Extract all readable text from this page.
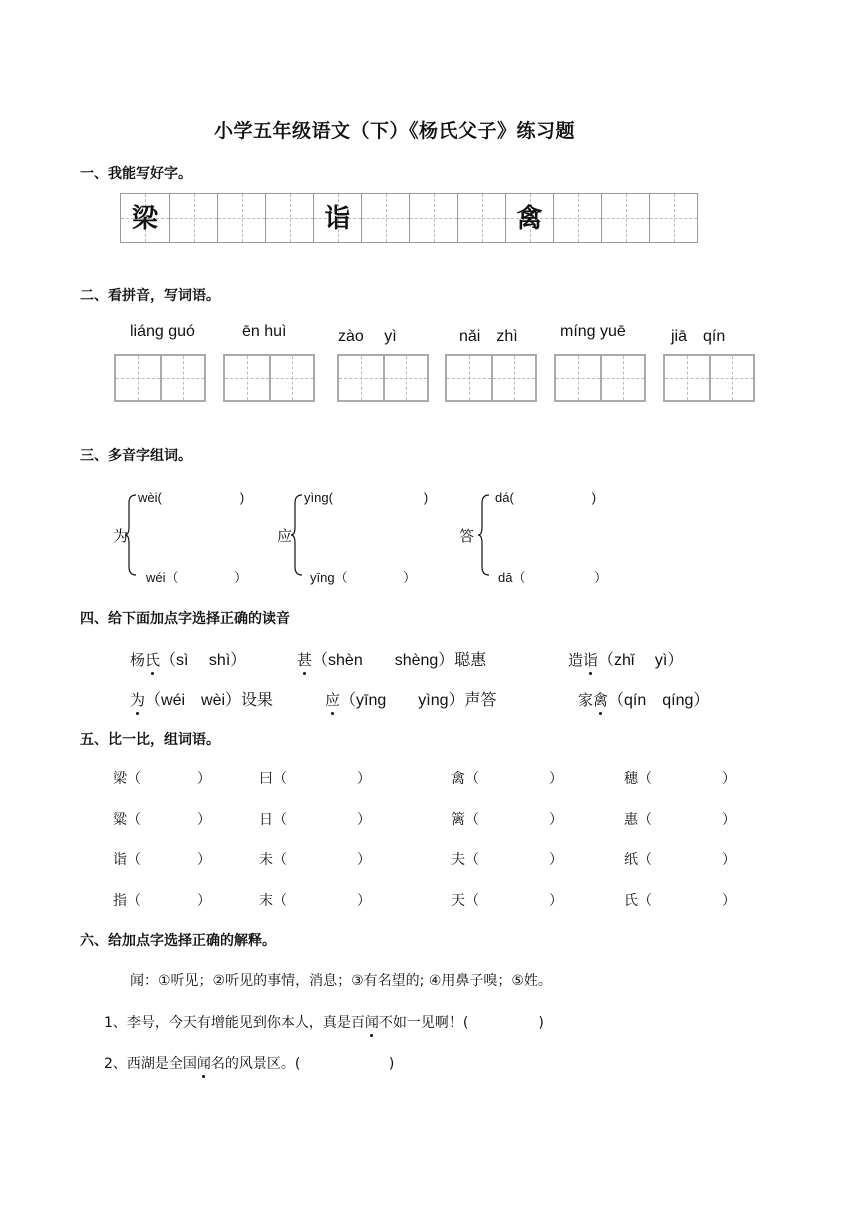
小学五年级语文（下）《杨氏父子》练习题
一、我能写好字。
梁	诣	禽
二、看拼音，写词语。
liáng guó	ēn huì	zào　 yì	nǎi　zhì	míng yuē	jiā　qín
三、多音字组词。
为
wèi(　　　　　　)
wéi（　　　　 ）
应
yìng(　　　　　　　)
yīng（　　　　 ）
答
dá(　　　　　　)
dā（　　　　　 ）
四、给下面加点字选择正确的读音
杨氏（sì　 shì）	甚（shèn　　shèng）聪惠	造诣（zhǐ　 yì）
为（wéi　wèi）设果	应（yīng　　yìng）声答	家禽（qín　qíng）
五、比一比，组词语。
梁（　　　　）	曰（　　　　　）	禽（　　　　　）	穗（　　　　　）
粱（　　　　）	日（　　　　　）	篱（　　　　　）	惠（　　　　　）
诣（　　　　）	未（　　　　　）	夫（　　　　　）	纸（　　　　　）
指（　　　　）	末（　　　　　）	天（　　　　　）	氏（　　　　　）
六、给加点字选择正确的解释。
闻：①听见；②听见的事情，消息；③有名望的; ④用鼻子嗅；⑤姓。
1、李号，今天有增能见到你本人，真是百闻不如一见啊！(　　　　　)
2、西湖是全国闻名的风景区。(　　　　　　 )
